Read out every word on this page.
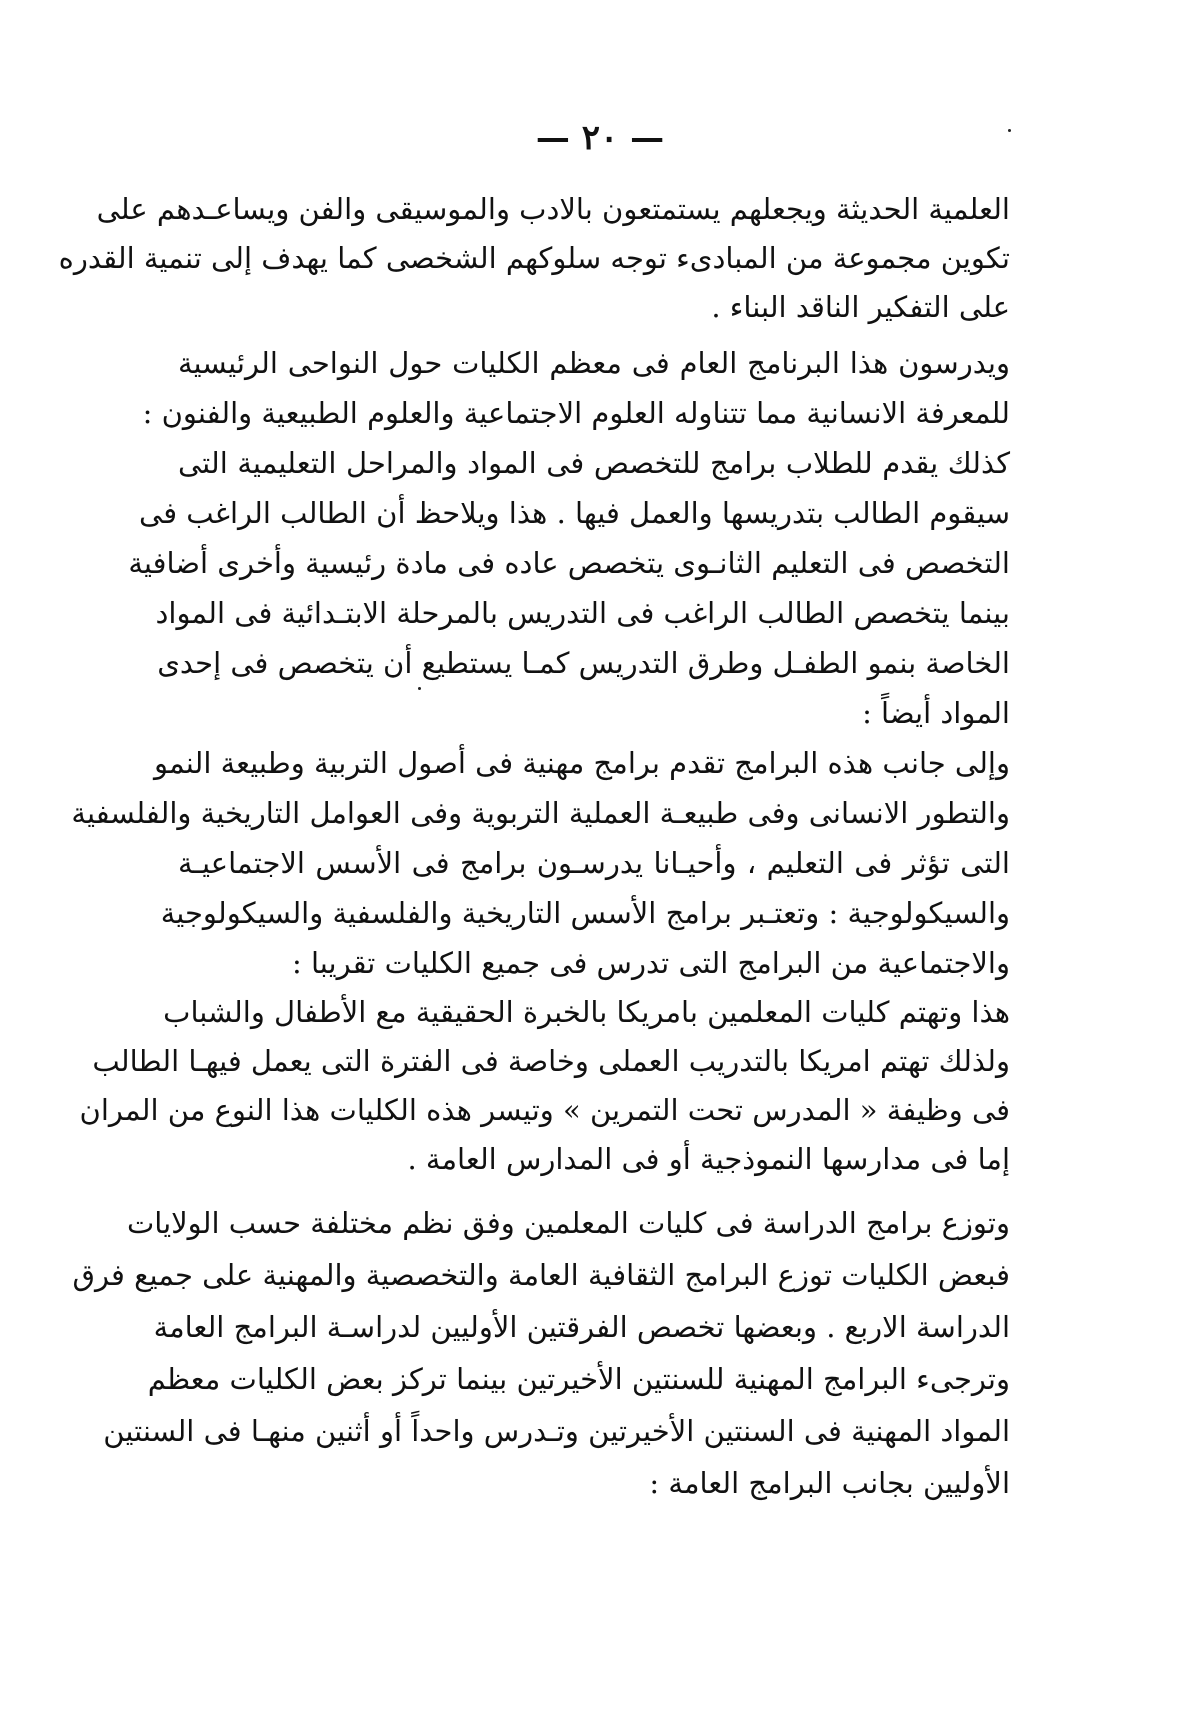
— ٢٠ —
العلمية الحديثة ويجعلهم يستمتعون بالادب والموسيقى والفن ويساعـدهم على
تكوين مجموعة من المبادىء توجه سلوكهم الشخصى كما يهدف إلى تنمية القدره
على التفكير الناقد البناء .
ويدرسون هذا البرنامج العام فى معظم الكليات حول النواحى الرئيسية
للمعرفة الانسانية مما تتناوله العلوم الاجتماعية والعلوم الطبيعية والفنون :
كذلك يقدم للطلاب برامج للتخصص فى المواد والمراحل التعليمية التى
سيقوم الطالب بتدريسها والعمل فيها . هذا ويلاحظ أن الطالب الراغب فى
التخصص فى التعليم الثانـوى يتخصص عاده فى مادة رئيسية وأخرى أضافية
بينما يتخصص الطالب الراغب فى التدريس بالمرحلة الابتـدائية فى المواد
الخاصة بنمو الطفـل وطرق التدريس كمـا يستطيع أن يتخصص فى إحدى
المواد أيضاً :
وإلى جانب هذه البرامج تقدم برامج مهنية فى أصول التربية وطبيعة النمو
والتطور الانسانى وفى طبيعـة العملية التربوية وفى العوامل التاريخية والفلسفية
التى تؤثر فى التعليم ، وأحيـانا يدرسـون برامج فى الأسس الاجتماعيـة
والسيكولوجية : وتعتـبر برامج الأسس التاريخية والفلسفية والسيكولوجية
والاجتماعية من البرامج التى تدرس فى جميع الكليات تقريبا :
هذا وتهتم كليات المعلمين بامريكا بالخبرة الحقيقية مع الأطفال والشباب
ولذلك تهتم امريكا بالتدريب العملى وخاصة فى الفترة التى يعمل فيهـا الطالب
فى وظيفة « المدرس تحت التمرين » وتيسر هذه الكليات هذا النوع من المران
إما فى مدارسها النموذجية أو فى المدارس العامة .
وتوزع برامج الدراسة فى كليات المعلمين وفق نظم مختلفة حسب الولايات
فبعض الكليات توزع البرامج الثقافية العامة والتخصصية والمهنية على جميع فرق
الدراسة الاربع . وبعضها تخصص الفرقتين الأوليين لدراسـة البرامج العامة
وترجىء البرامج المهنية للسنتين الأخيرتين بينما تركز بعض الكليات معظم
المواد المهنية فى السنتين الأخيرتين وتـدرس واحداً أو أثنين منهـا فى السنتين
الأوليين بجانب البرامج العامة :
